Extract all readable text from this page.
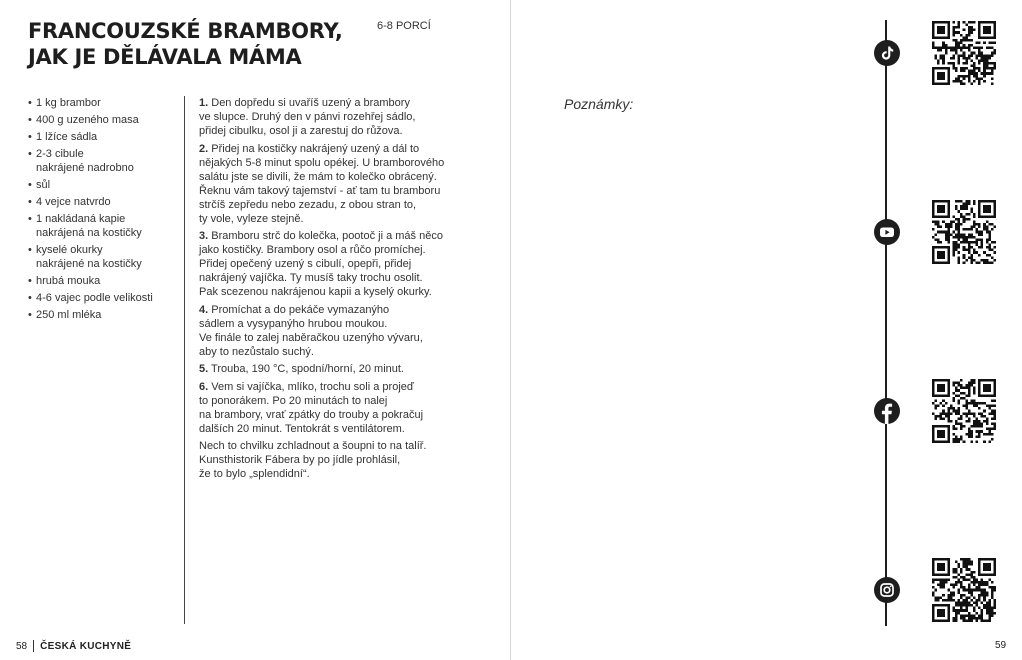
FRANCOUZSKÉ BRAMBORY,
JAK JE DĚLÁVALA MÁMA
6-8 PORCÍ
• 1 kg brambor
• 400 g uzeného masa
• 1 lžíce sádla
• 2-3 cibule
nakrájené nadrobno
• sůl
• 4 vejce natvrdo
• 1 nakládaná kapie
nakrájená na kostičky
• kyselé okurky
nakrájené na kostičky
• hrubá mouka
• 4-6 vajec podle velikosti
• 250 ml mléka

1. Den dopředu si uvaříš uzený a brambory
ve slupce. Druhý den v pánvi rozehřej sádlo,
přidej cibulku, osol ji a zarestuj do růžova.

2. Přidej na kostičky nakrájený uzený a dál to
nějakých 5-8 minut spolu opékej. U bramborového
salátu jste se divili, že mám to kolečko obrácený.
Řeknu vám takový tajemství - ať tam tu bramboru
strčíš zepředu nebo zezadu, z obou stran to,
ty vole, vyleze stejně.

3. Bramboru strč do kolečka, pootoč ji a máš něco
jako kostičky. Brambory osol a růčo promíchej.
Přidej opečený uzený s cibulí, opepři, přidej
nakrájený vajíčka. Ty musíš taky trochu osolit.
Pak scezenou nakrájenou kapii a kyselý okurky.

4. Promíchat a do pekáče vymazanýho
sádlem a vysypanýho hrubou moukou.
Ve finále to zalej naběračkou uzenýho vývaru,
aby to nezůstalo suchý.

5. Trouba, 190 °C, spodní/horní, 20 minut.

6. Vem si vajíčka, mlíko, trochu soli a projeď
to ponorákem. Po 20 minutách to nalej
na brambory, vrať zpátky do trouby a pokračuj
dalších 20 minut. Tentokrát s ventilátorem.

Nech to chvilku zchladnout a šoupni to na talíř.
Kunsthistorik Fábera by po jídle prohlásil,
že to bylo „splendidní“.

58 ČESKÁ KUCHYNĚ
Poznámky:
59
